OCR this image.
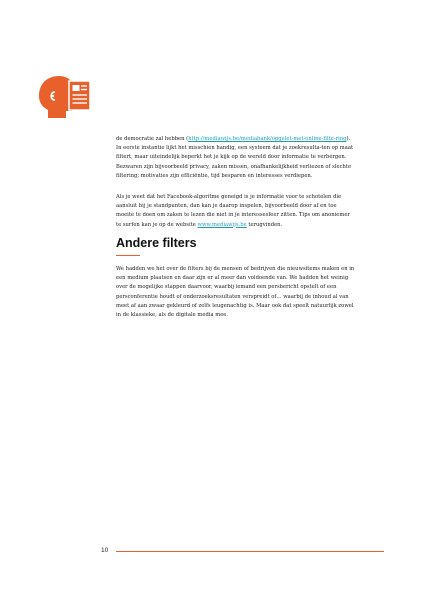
de democratie zal hebben (http://mediawijs.be/mediabank/opgelet-met-online-filte-ring). In eerste instantie lijkt het misschien handig, een systeem dat je zoekresulta-ten op maat filtert, maar uiteindelijk beperkt het je kijk op de wereld door informatie te verbergen. Bezwaren zijn bijvoorbeeld privacy, zaken missen, onafhankelijkheid verliezen of slechte filtering; motivaties zijn efficiëntie, tijd besparen en interesses verdiepen.

Als je weet dat het Facebook-algoritme geneigd is je informatie voor te schotelen die aansluit bij je standpunten, dan kan je daarop inspelen, bijvoorbeeld door af en toe moeite te doen om zaken te lezen die niet in je interessesfeer zitten. Tips om anoniemer te surfen kan je op de website www.mediawijs.be terugvinden.

Andere filters

We hadden we het over de filters bij de mensen of bedrijven die nieuwsitems maken en in een medium plaatsen en daar zijn er al meer dan voldoende van. We hadden het weinig over de mogelijke stappen daarvoor, waarbij iemand een persbericht opstelt of een persconferentie houdt of onderzoeksresultaten verspreidt of… waarbij de inhoud al van meet af aan zwaar gekleurd of zelfs leugenachtig is. Maar ook dat speelt natuurlijk zowel in de klassieke, als de digitale media mee.

10
